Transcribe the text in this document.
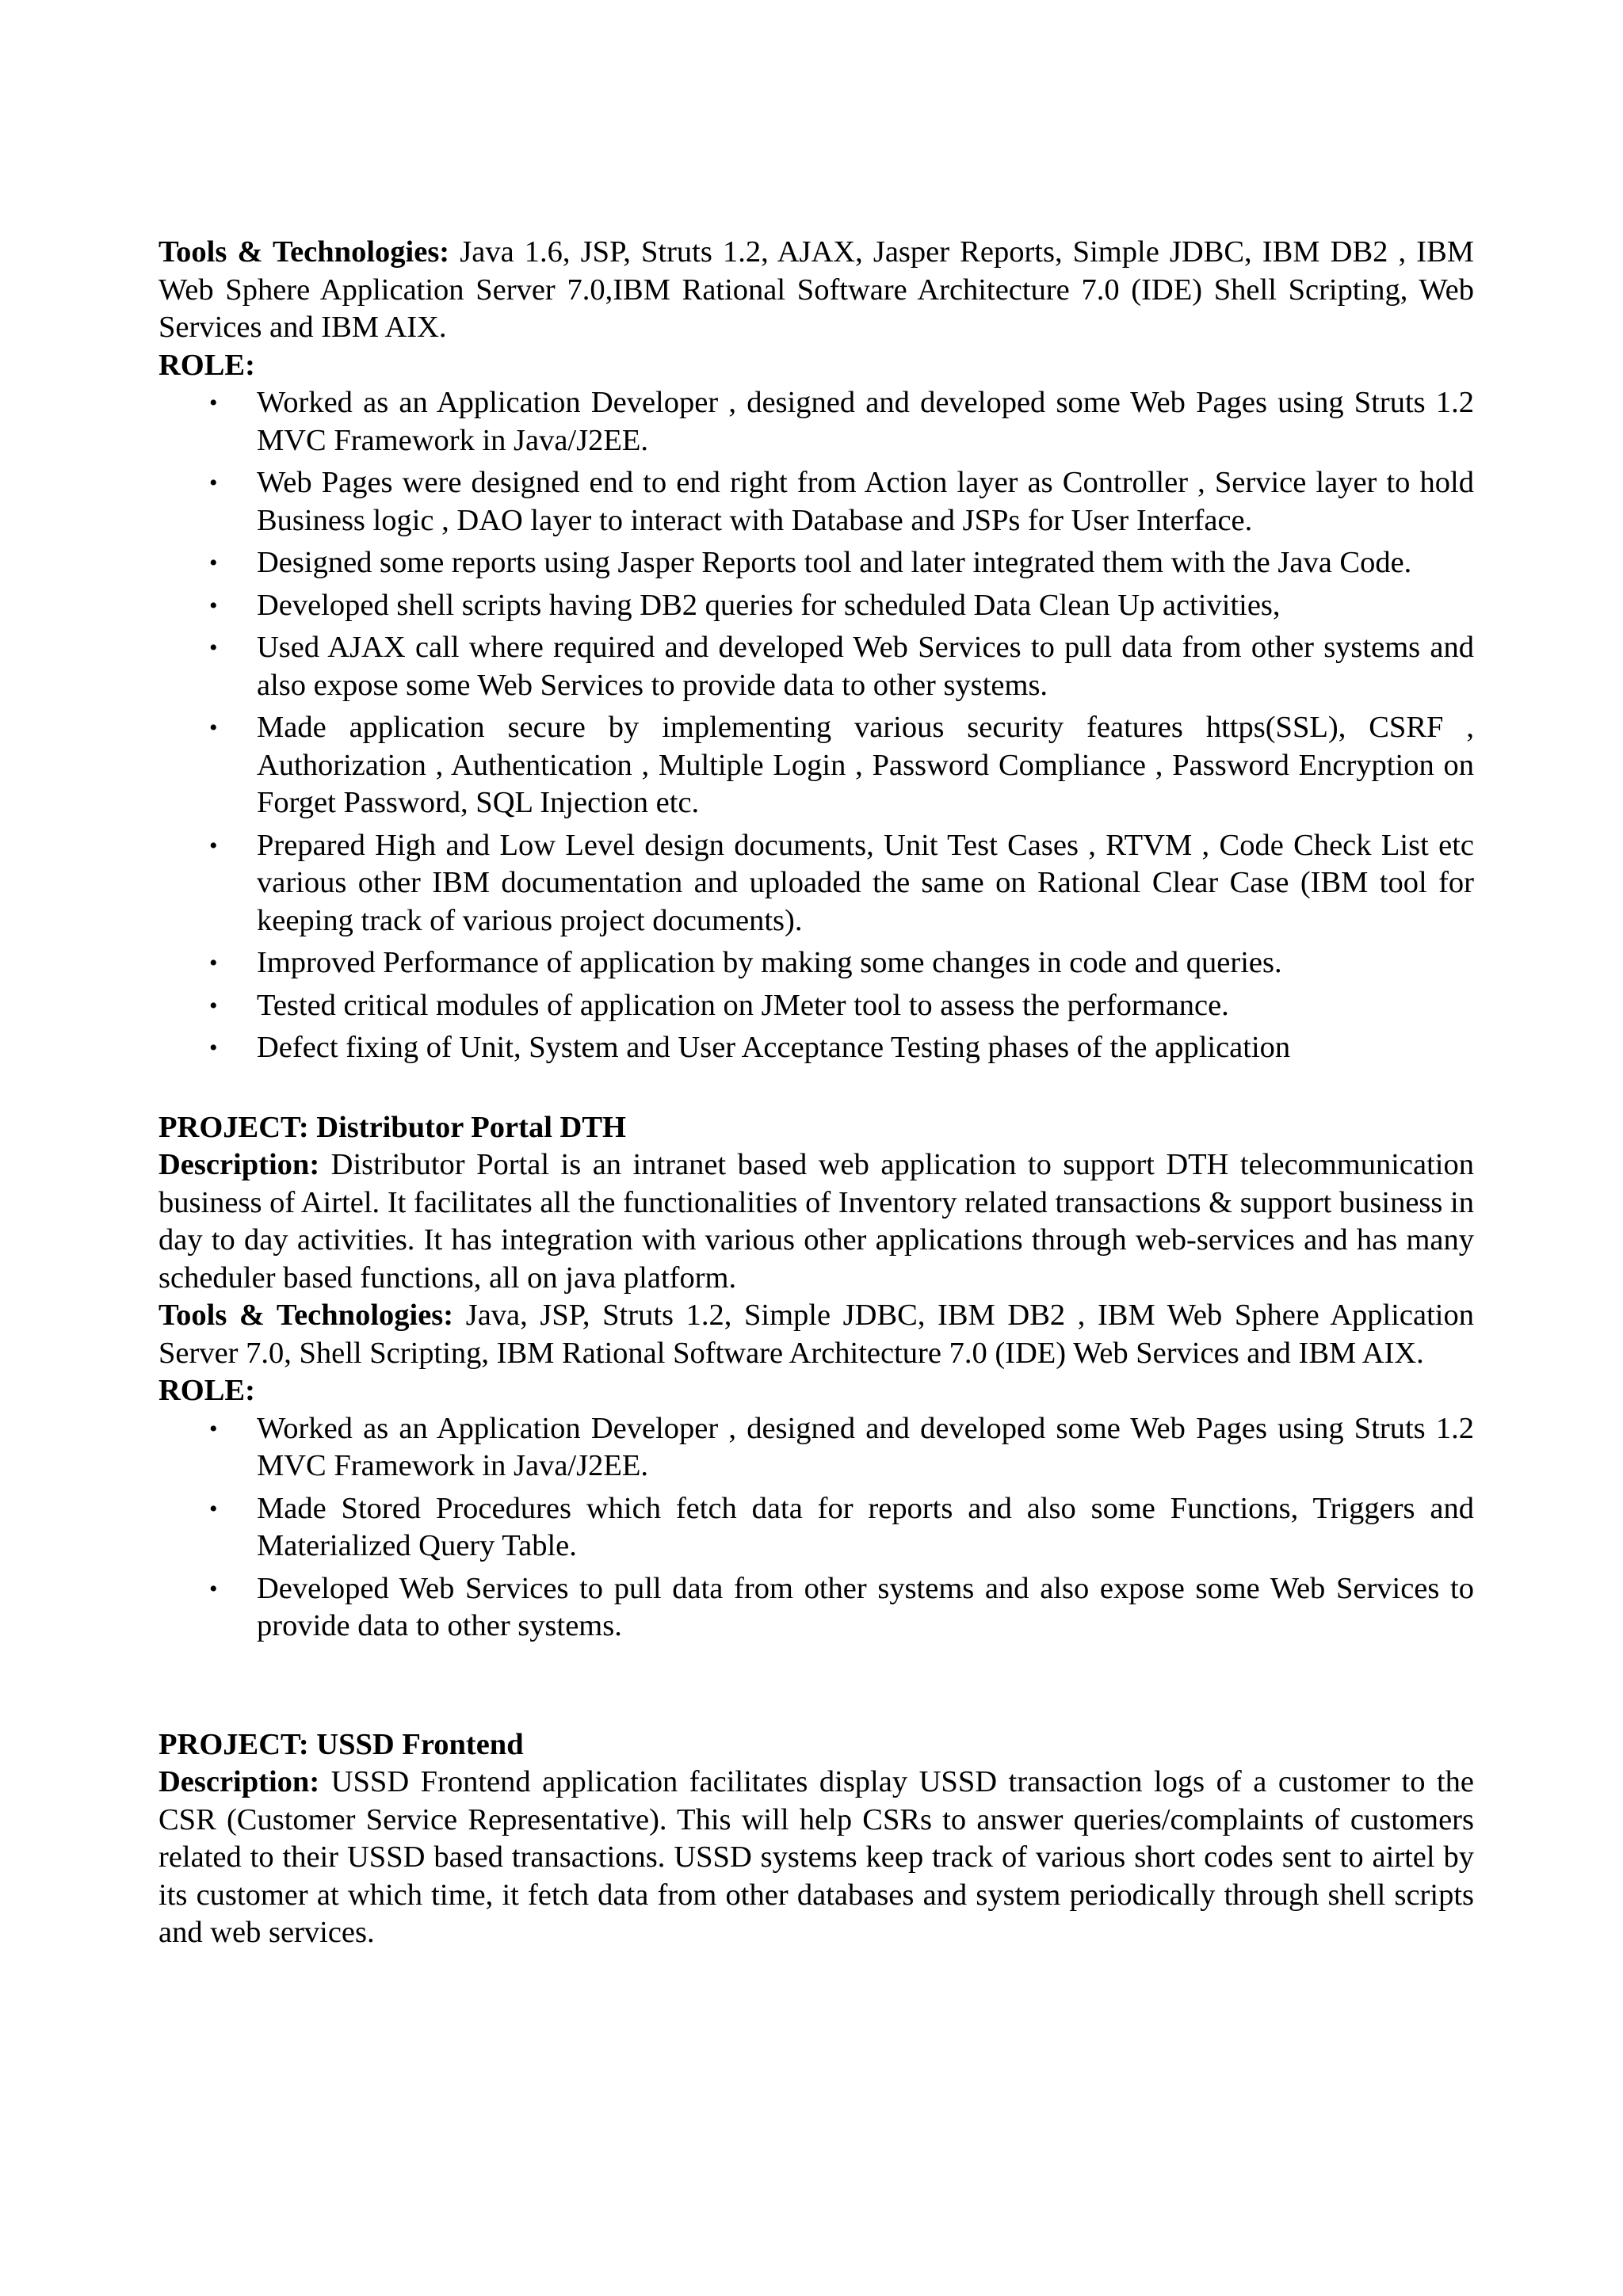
Tools & Technologies: Java 1.6, JSP, Struts 1.2, AJAX, Jasper Reports, Simple JDBC, IBM DB2 , IBM Web Sphere Application Server 7.0,IBM Rational Software Architecture 7.0 (IDE) Shell Scripting, Web Services and IBM AIX.

ROLE:

• Worked as an Application Developer , designed and developed some Web Pages using Struts 1.2 MVC Framework in Java/J2EE.
• Web Pages were designed end to end right from Action layer as Controller , Service layer to hold Business logic , DAO layer to interact with Database and JSPs for User Interface.
• Designed some reports using Jasper Reports tool and later integrated them with the Java Code.
• Developed shell scripts having DB2 queries for scheduled Data Clean Up activities,
• Used AJAX call where required and developed Web Services to pull data from other systems and also expose some Web Services to provide data to other systems.
• Made application secure by implementing various security features https(SSL), CSRF , Authorization , Authentication , Multiple Login , Password Compliance , Password Encryption on Forget Password, SQL Injection etc.
• Prepared High and Low Level design documents, Unit Test Cases , RTVM , Code Check List etc various other IBM documentation and uploaded the same on Rational Clear Case (IBM tool for keeping track of various project documents).
• Improved Performance of application by making some changes in code and queries.
• Tested critical modules of application on JMeter tool to assess the performance.
• Defect fixing of Unit, System and User Acceptance Testing phases of the application

PROJECT: Distributor Portal DTH

Description: Distributor Portal is an intranet based web application to support DTH telecommunication business of Airtel. It facilitates all the functionalities of Inventory related transactions & support business in day to day activities. It has integration with various other applications through web-services and has many scheduler based functions, all on java platform.

Tools & Technologies: Java, JSP, Struts 1.2, Simple JDBC, IBM DB2 , IBM Web Sphere Application Server 7.0, Shell Scripting, IBM Rational Software Architecture 7.0 (IDE) Web Services and IBM AIX.

ROLE:

• Worked as an Application Developer , designed and developed some Web Pages using Struts 1.2 MVC Framework in Java/J2EE.
• Made Stored Procedures which fetch data for reports and also some Functions, Triggers and Materialized Query Table.
• Developed Web Services to pull data from other systems and also expose some Web Services to provide data to other systems.

PROJECT: USSD Frontend

Description: USSD Frontend application facilitates display USSD transaction logs of a customer to the CSR (Customer Service Representative). This will help CSRs to answer queries/complaints of customers related to their USSD based transactions. USSD systems keep track of various short codes sent to airtel by its customer at which time, it fetch data from other databases and system periodically through shell scripts and web services.
